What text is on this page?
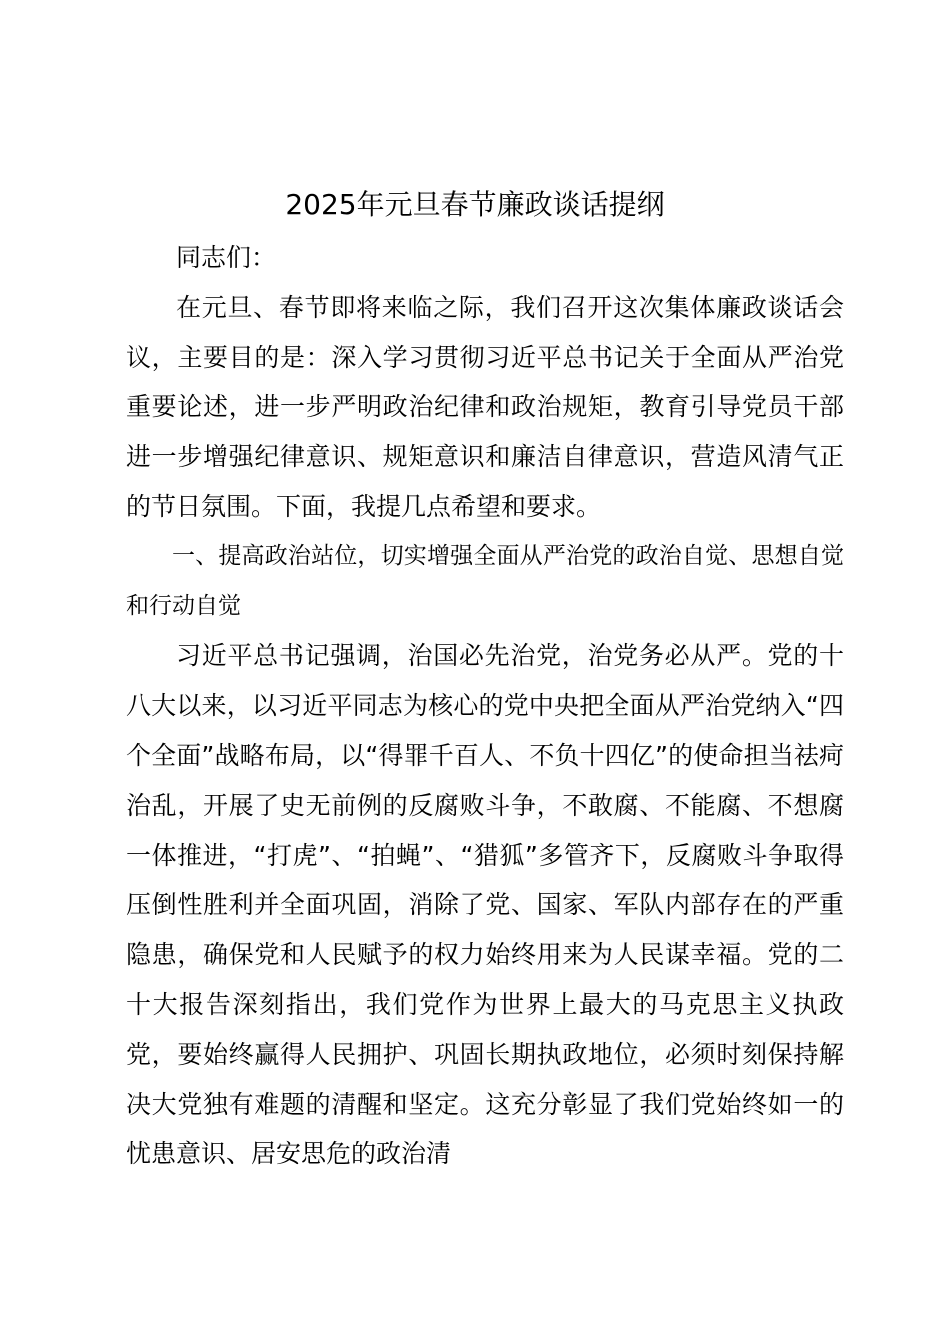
2025年元旦春节廉政谈话提纲

同志们：

在元旦、春节即将来临之际，我们召开这次集体廉政谈话会议，主要目的是：深入学习贯彻习近平总书记关于全面从严治党重要论述，进一步严明政治纪律和政治规矩，教育引导党员干部进一步增强纪律意识、规矩意识和廉洁自律意识，营造风清气正的节日氛围。下面，我提几点希望和要求。

一、提高政治站位，切实增强全面从严治党的政治自觉、思想自觉和行动自觉

习近平总书记强调，治国必先治党，治党务必从严。党的十八大以来，以习近平同志为核心的党中央把全面从严治党纳入“四个全面”战略布局，以“得罪千百人、不负十四亿”的使命担当祛疴治乱，开展了史无前例的反腐败斗争，不敢腐、不能腐、不想腐一体推进，“打虎”、“拍蝇”、“猎狐”多管齐下，反腐败斗争取得压倒性胜利并全面巩固，消除了党、国家、军队内部存在的严重隐患，确保党和人民赋予的权力始终用来为人民谋幸福。党的二十大报告深刻指出，我们党作为世界上最大的马克思主义执政党，要始终赢得人民拥护、巩固长期执政地位，必须时刻保持解决大党独有难题的清醒和坚定。这充分彰显了我们党始终如一的忧患意识、居安思危的政治清
